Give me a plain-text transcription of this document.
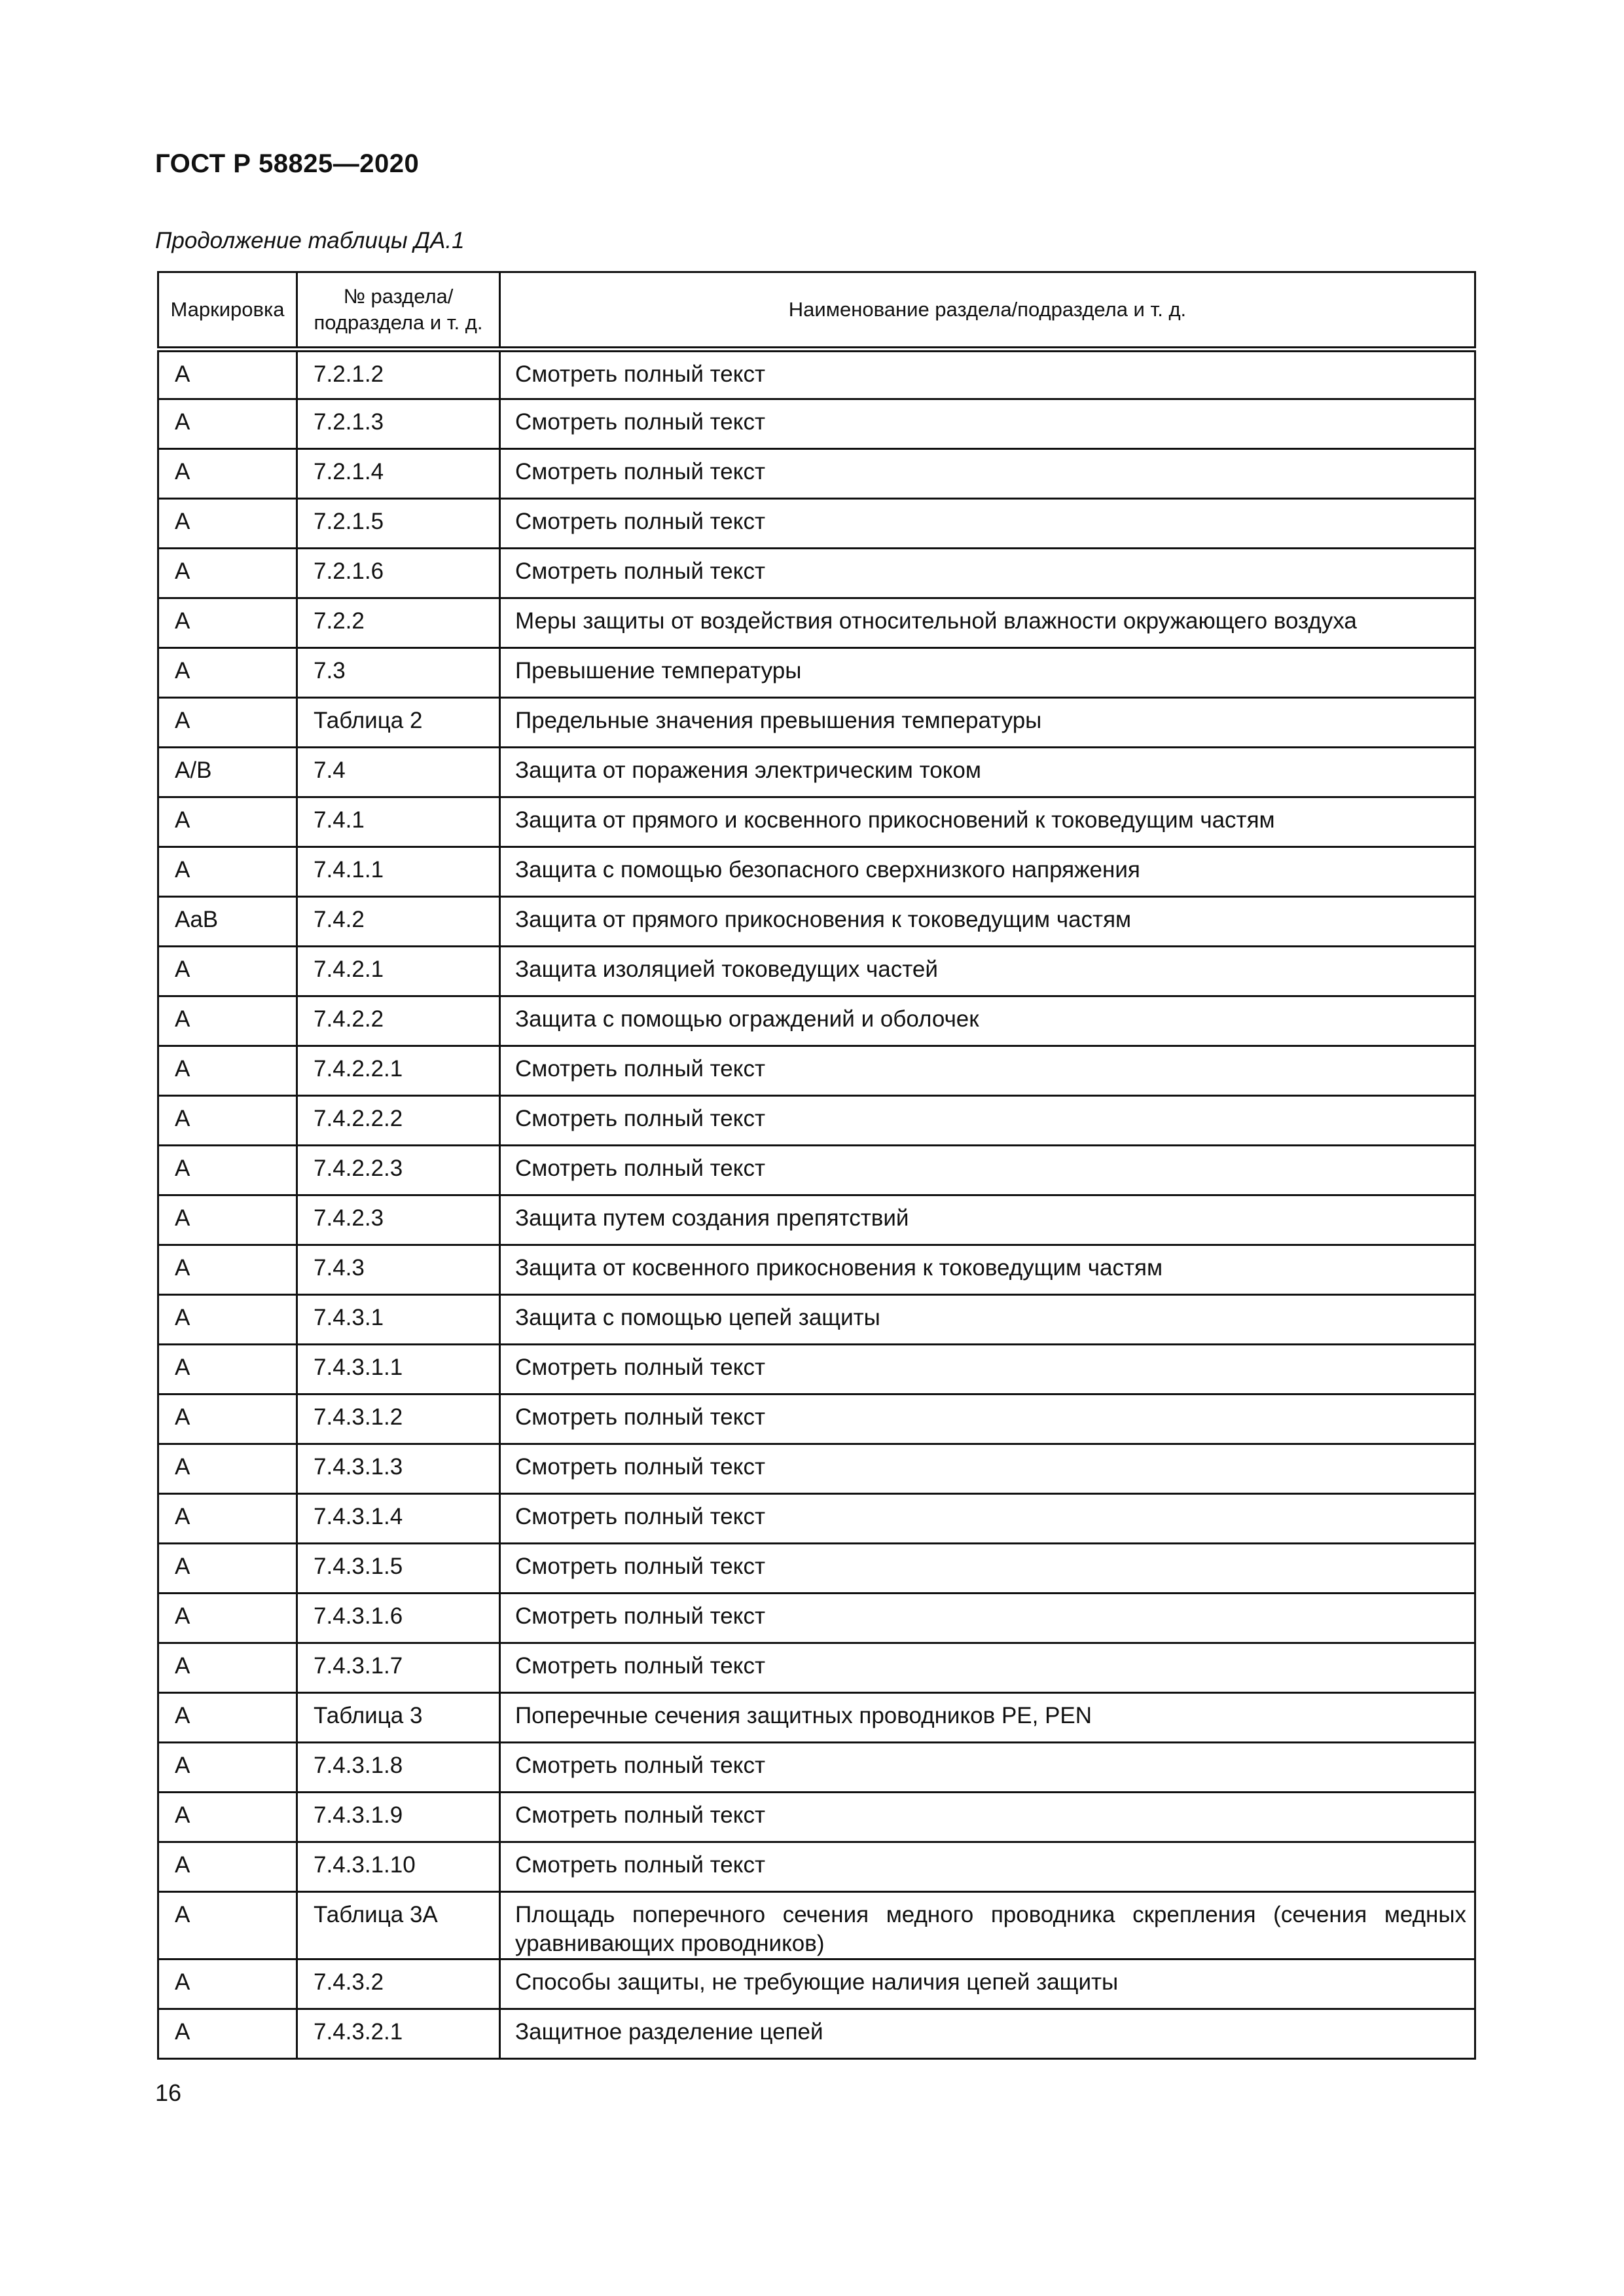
ГОСТ Р 58825—2020
Продолжение таблицы ДА.1
Маркировка	№ раздела/ подраздела и т. д.	Наименование раздела/подраздела и т. д.
A	7.2.1.2	Смотреть полный текст
A	7.2.1.3	Смотреть полный текст
A	7.2.1.4	Смотреть полный текст
A	7.2.1.5	Смотреть полный текст
A	7.2.1.6	Смотреть полный текст
A	7.2.2	Меры защиты от воздействия относительной влажности окружающего воздуха
A	7.3	Превышение температуры
A	Таблица 2	Предельные значения превышения температуры
A/B	7.4	Защита от поражения электрическим током
A	7.4.1	Защита от прямого и косвенного прикосновений к токоведущим частям
A	7.4.1.1	Защита с помощью безопасного сверхнизкого напряжения
AaB	7.4.2	Защита от прямого прикосновения к токоведущим частям
A	7.4.2.1	Защита изоляцией токоведущих частей
A	7.4.2.2	Защита с помощью ограждений и оболочек
A	7.4.2.2.1	Смотреть полный текст
A	7.4.2.2.2	Смотреть полный текст
A	7.4.2.2.3	Смотреть полный текст
A	7.4.2.3	Защита путем создания препятствий
A	7.4.3	Защита от косвенного прикосновения к токоведущим частям
A	7.4.3.1	Защита с помощью цепей защиты
A	7.4.3.1.1	Смотреть полный текст
A	7.4.3.1.2	Смотреть полный текст
A	7.4.3.1.3	Смотреть полный текст
A	7.4.3.1.4	Смотреть полный текст
A	7.4.3.1.5	Смотреть полный текст
A	7.4.3.1.6	Смотреть полный текст
A	7.4.3.1.7	Смотреть полный текст
A	Таблица 3	Поперечные сечения защитных проводников PE, PEN
A	7.4.3.1.8	Смотреть полный текст
A	7.4.3.1.9	Смотреть полный текст
A	7.4.3.1.10	Смотреть полный текст
A	Таблица 3A	Площадь поперечного сечения медного проводника скрепления (сечения медных уравнивающих проводников)
A	7.4.3.2	Способы защиты, не требующие наличия цепей защиты
A	7.4.3.2.1	Защитное разделение цепей
16
